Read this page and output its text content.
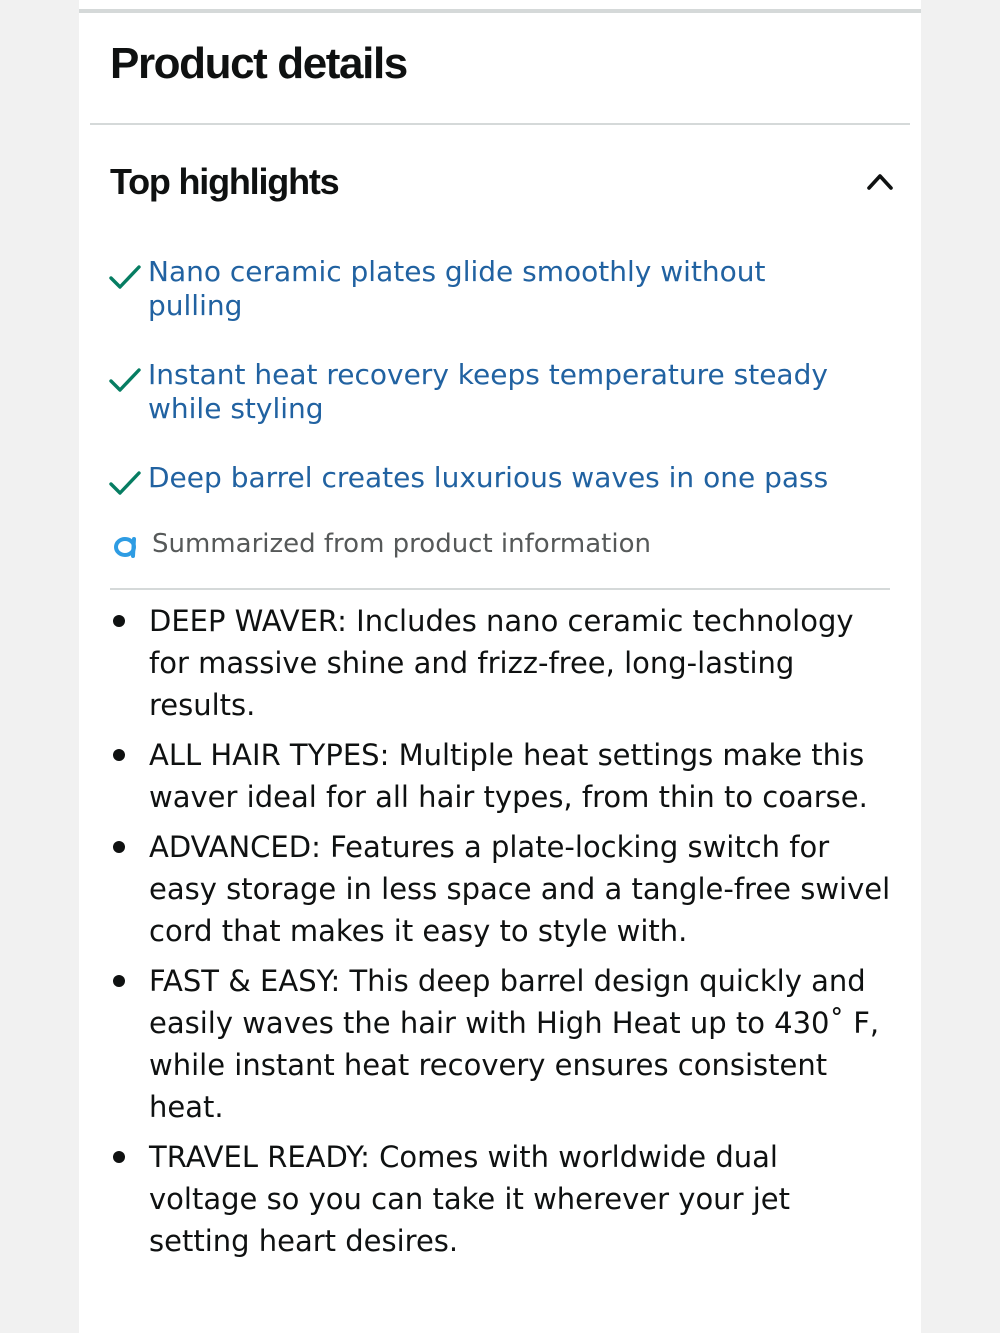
Product details
Top highlights
Nano ceramic plates glide smoothly without pulling
Instant heat recovery keeps temperature steady while styling
Deep barrel creates luxurious waves in one pass
Summarized from product information
DEEP WAVER: Includes nano ceramic technology for massive shine and frizz-free, long-lasting results.
ALL HAIR TYPES: Multiple heat settings make this waver ideal for all hair types, from thin to coarse.
ADVANCED: Features a plate-locking switch for easy storage in less space and a tangle-free swivel cord that makes it easy to style with.
FAST & EASY: This deep barrel design quickly and easily waves the hair with High Heat up to 430˚ F, while instant heat recovery ensures consistent heat.
TRAVEL READY: Comes with worldwide dual voltage so you can take it wherever your jet setting heart desires.
